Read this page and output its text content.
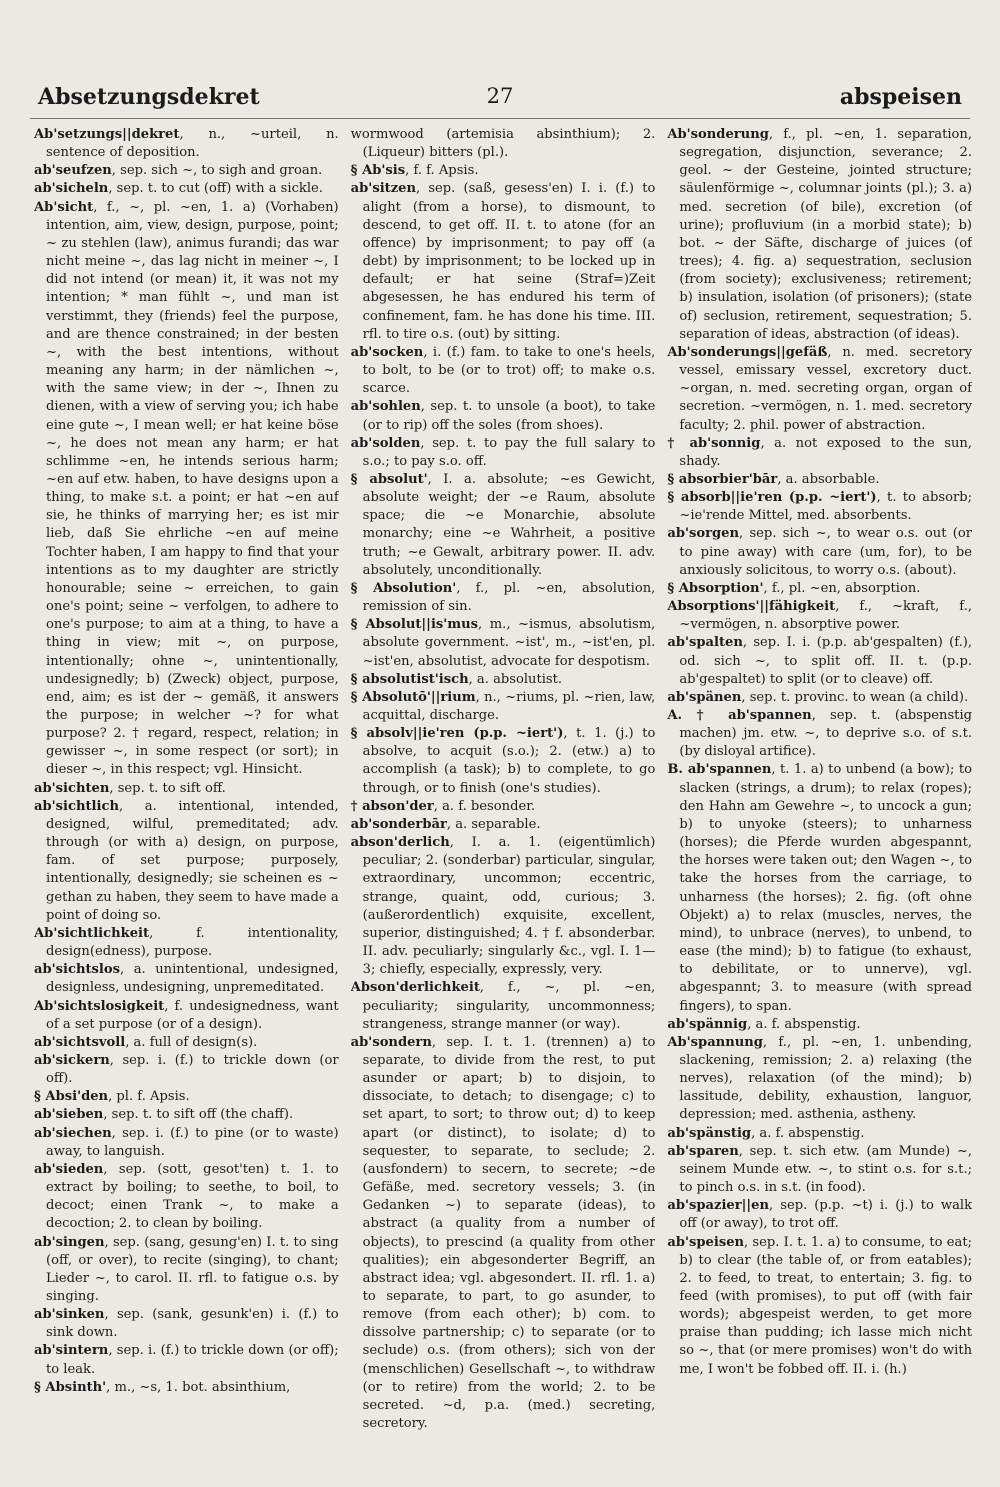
Absetzungsdekret	27	abspeisen

Ab'setzungs||dekret, n., ~urteil, n. sentence of deposition.

ab'seufzen, sep. sich ~, to sigh and groan.

ab'sicheln, sep. t. to cut (off) with a sickle.

Ab'sicht, f., ~, pl. ~en, 1. a) (Vorhaben) intention, aim, view, design, purpose, point; ~ zu stehlen (law), animus furandi; das war nicht meine ~, das lag nicht in meiner ~, I did not intend (or mean) it, it was not my intention; * man fühlt ~, und man ist verstimmt, they (friends) feel the purpose, and are thence constrained; in der besten ~, with the best intentions, without meaning any harm; in der nämlichen ~, with the same view; in der ~, Ihnen zu dienen, with a view of serving you; ich habe eine gute ~, I mean well; er hat keine böse ~, he does not mean any harm; er hat schlimme ~en, he intends serious harm; ~en auf etw. haben, to have designs upon a thing, to make s.t. a point; er hat ~en auf sie, he thinks of marrying her; es ist mir lieb, daß Sie ehrliche ~en auf meine Tochter haben, I am happy to find that your intentions as to my daughter are strictly honourable; seine ~ erreichen, to gain one's point; seine ~ verfolgen, to adhere to one's purpose; to aim at a thing, to have a thing in view; mit ~, on purpose, intentionally; ohne ~, unintentionally, undesignedly; b) (Zweck) object, purpose, end, aim; es ist der ~ gemäß, it answers the purpose; in welcher ~? for what purpose? 2. † regard, respect, relation; in gewisser ~, in some respect (or sort); in dieser ~, in this respect; vgl. Hinsicht.

ab'sichten, sep. t. to sift off.

ab'sichtlich, a. intentional, intended, designed, wilful, premeditated; adv. through (or with a) design, on purpose, fam. of set purpose; purposely, intentionally, designedly; sie scheinen es ~ gethan zu haben, they seem to have made a point of doing so.

Ab'sichtlichkeit, f. intentionality, design(edness), purpose.

ab'sichtslos, a. unintentional, undesigned, designless, undesigning, unpremeditated.

Ab'sichtslosigkeit, f. undesignedness, want of a set purpose (or of a design).

ab'sichtsvoll, a. full of design(s).

ab'sickern, sep. i. (f.) to trickle down (or off).

§ Absi'den, pl. f. Apsis.

ab'sieben, sep. t. to sift off (the chaff).

ab'siechen, sep. i. (f.) to pine (or to waste) away, to languish.

ab'sieden, sep. (sott, gesot'ten) t. 1. to extract by boiling; to seethe, to boil, to decoct; einen Trank ~, to make a decoction; 2. to clean by boiling.

ab'singen, sep. (sang, gesung'en) I. t. to sing (off, or over), to recite (singing), to chant; Lieder ~, to carol. II. rfl. to fatigue o.s. by singing.

ab'sinken, sep. (sank, gesunk'en) i. (f.) to sink down.

ab'sintern, sep. i. (f.) to trickle down (or off); to leak.

§ Absinth', m., ~s, 1. bot. absinthium,

wormwood (artemisia absinthium); 2. (Liqueur) bitters (pl.).

§ Ab'sis, f. f. Apsis.

ab'sitzen, sep. (saß, gesess'en) I. i. (f.) to alight (from a horse), to dismount, to descend, to get off. II. t. to atone (for an offence) by imprisonment; to pay off (a debt) by imprisonment; to be locked up in default; er hat seine (Straf=)Zeit abgesessen, he has endured his term of confinement, fam. he has done his time. III. rfl. to tire o.s. (out) by sitting.

ab'socken, i. (f.) fam. to take to one's heels, to bolt, to be (or to trot) off; to make o.s. scarce.

ab'sohlen, sep. t. to unsole (a boot), to take (or to rip) off the soles (from shoes).

ab'solden, sep. t. to pay the full salary to s.o.; to pay s.o. off.

§ absolut', I. a. absolute; ~es Gewicht, absolute weight; der ~e Raum, absolute space; die ~e Monarchie, absolute monarchy; eine ~e Wahrheit, a positive truth; ~e Gewalt, arbitrary power. II. adv. absolutely, unconditionally.

§ Absolution', f., pl. ~en, absolution, remission of sin.

§ Absolut||is'mus, m., ~ismus, absolutism, absolute government. ~ist', m., ~ist'en, pl. ~ist'en, absolutist, advocate for despotism.

§ absolutist'isch, a. absolutist.

§ Absolutō'||rium, n., ~riums, pl. ~rien, law, acquittal, discharge.

§ absolv||ie'ren (p.p. ~iert'), t. 1. (j.) to absolve, to acquit (s.o.); 2. (etw.) a) to accomplish (a task); b) to complete, to go through, or to finish (one's studies).

† abson'der, a. f. besonder.

ab'sonderbār, a. separable.

abson'derlich, I. a. 1. (eigentümlich) peculiar; 2. (sonderbar) particular, singular, extraordinary, uncommon; eccentric, strange, quaint, odd, curious; 3. (außerordentlich) exquisite, excellent, superior, distinguished; 4. † f. absonderbar. II. adv. peculiarly; singularly &c., vgl. I. 1—3; chiefly, especially, expressly, very.

Abson'derlichkeit, f., ~, pl. ~en, peculiarity; singularity, uncommonness; strangeness, strange manner (or way).

ab'sondern, sep. I. t. 1. (trennen) a) to separate, to divide from the rest, to put asunder or apart; b) to disjoin, to dissociate, to detach; to disengage; c) to set apart, to sort; to throw out; d) to keep apart (or distinct), to isolate; d) to sequester, to separate, to seclude; 2. (ausfondern) to secern, to secrete; ~de Gefäße, med. secretory vessels; 3. (in Gedanken ~) to separate (ideas), to abstract (a quality from a number of objects), to prescind (a quality from other qualities); ein abgesonderter Begriff, an abstract idea; vgl. abgesondert. II. rfl. 1. a) to separate, to part, to go asunder, to remove (from each other); b) com. to dissolve partnership; c) to separate (or to seclude) o.s. (from others); sich von der (menschlichen) Gesellschaft ~, to withdraw (or to retire) from the world; 2. to be secreted. ~d, p.a. (med.) secreting, secretory.

Ab'sonderung, f., pl. ~en, 1. separation, segregation, disjunction, severance; 2. geol. ~ der Gesteine, jointed structure; säulenförmige ~, columnar joints (pl.); 3. a) med. secretion (of bile), excretion (of urine); profluvium (in a morbid state); b) bot. ~ der Säfte, discharge of juices (of trees); 4. fig. a) sequestration, seclusion (from society); exclusiveness; retirement; b) insulation, isolation (of prisoners); (state of) seclusion, retirement, sequestration; 5. separation of ideas, abstraction (of ideas).

Ab'sonderungs||gefäß, n. med. secretory vessel, emissary vessel, excretory duct. ~organ, n. med. secreting organ, organ of secretion. ~vermögen, n. 1. med. secretory faculty; 2. phil. power of abstraction.

† ab'sonnig, a. not exposed to the sun, shady.

§ absorbier'bār, a. absorbable.

§ absorb||ie'ren (p.p. ~iert'), t. to absorb; ~ie'rende Mittel, med. absorbents.

ab'sorgen, sep. sich ~, to wear o.s. out (or to pine away) with care (um, for), to be anxiously solicitous, to worry o.s. (about).

§ Absorption', f., pl. ~en, absorption.

Absorptions'||fähigkeit, f., ~kraft, f., ~vermögen, n. absorptive power.

ab'spalten, sep. I. i. (p.p. ab'gespalten) (f.), od. sich ~, to split off. II. t. (p.p. ab'gespaltet) to split (or to cleave) off.

ab'spänen, sep. t. provinc. to wean (a child).

A. † ab'spannen, sep. t. (abspenstig machen) jm. etw. ~, to deprive s.o. of s.t. (by disloyal artifice).

B. ab'spannen, t. 1. a) to unbend (a bow); to slacken (strings, a drum); to relax (ropes); den Hahn am Gewehre ~, to uncock a gun; b) to unyoke (steers); to unharness (horses); die Pferde wurden abgespannt, the horses were taken out; den Wagen ~, to take the horses from the carriage, to unharness (the horses); 2. fig. (oft ohne Objekt) a) to relax (muscles, nerves, the mind), to unbrace (nerves), to unbend, to ease (the mind); b) to fatigue (to exhaust, to debilitate, or to unnerve), vgl. abgespannt; 3. to measure (with spread fingers), to span.

ab'spännig, a. f. abspenstig.

Ab'spannung, f., pl. ~en, 1. unbending, slackening, remission; 2. a) relaxing (the nerves), relaxation (of the mind); b) lassitude, debility, exhaustion, languor, depression; med. asthenia, astheny.

ab'spänstig, a. f. abspenstig.

ab'sparen, sep. t. sich etw. (am Munde) ~, seinem Munde etw. ~, to stint o.s. for s.t.; to pinch o.s. in s.t. (in food).

ab'spazier||en, sep. (p.p. ~t) i. (j.) to walk off (or away), to trot off.

ab'speisen, sep. I. t. 1. a) to consume, to eat; b) to clear (the table of, or from eatables); 2. to feed, to treat, to entertain; 3. fig. to feed (with promises), to put off (with fair words); abgespeist werden, to get more praise than pudding; ich lasse mich nicht so ~, that (or mere promises) won't do with me, I won't be fobbed off. II. i. (h.)
